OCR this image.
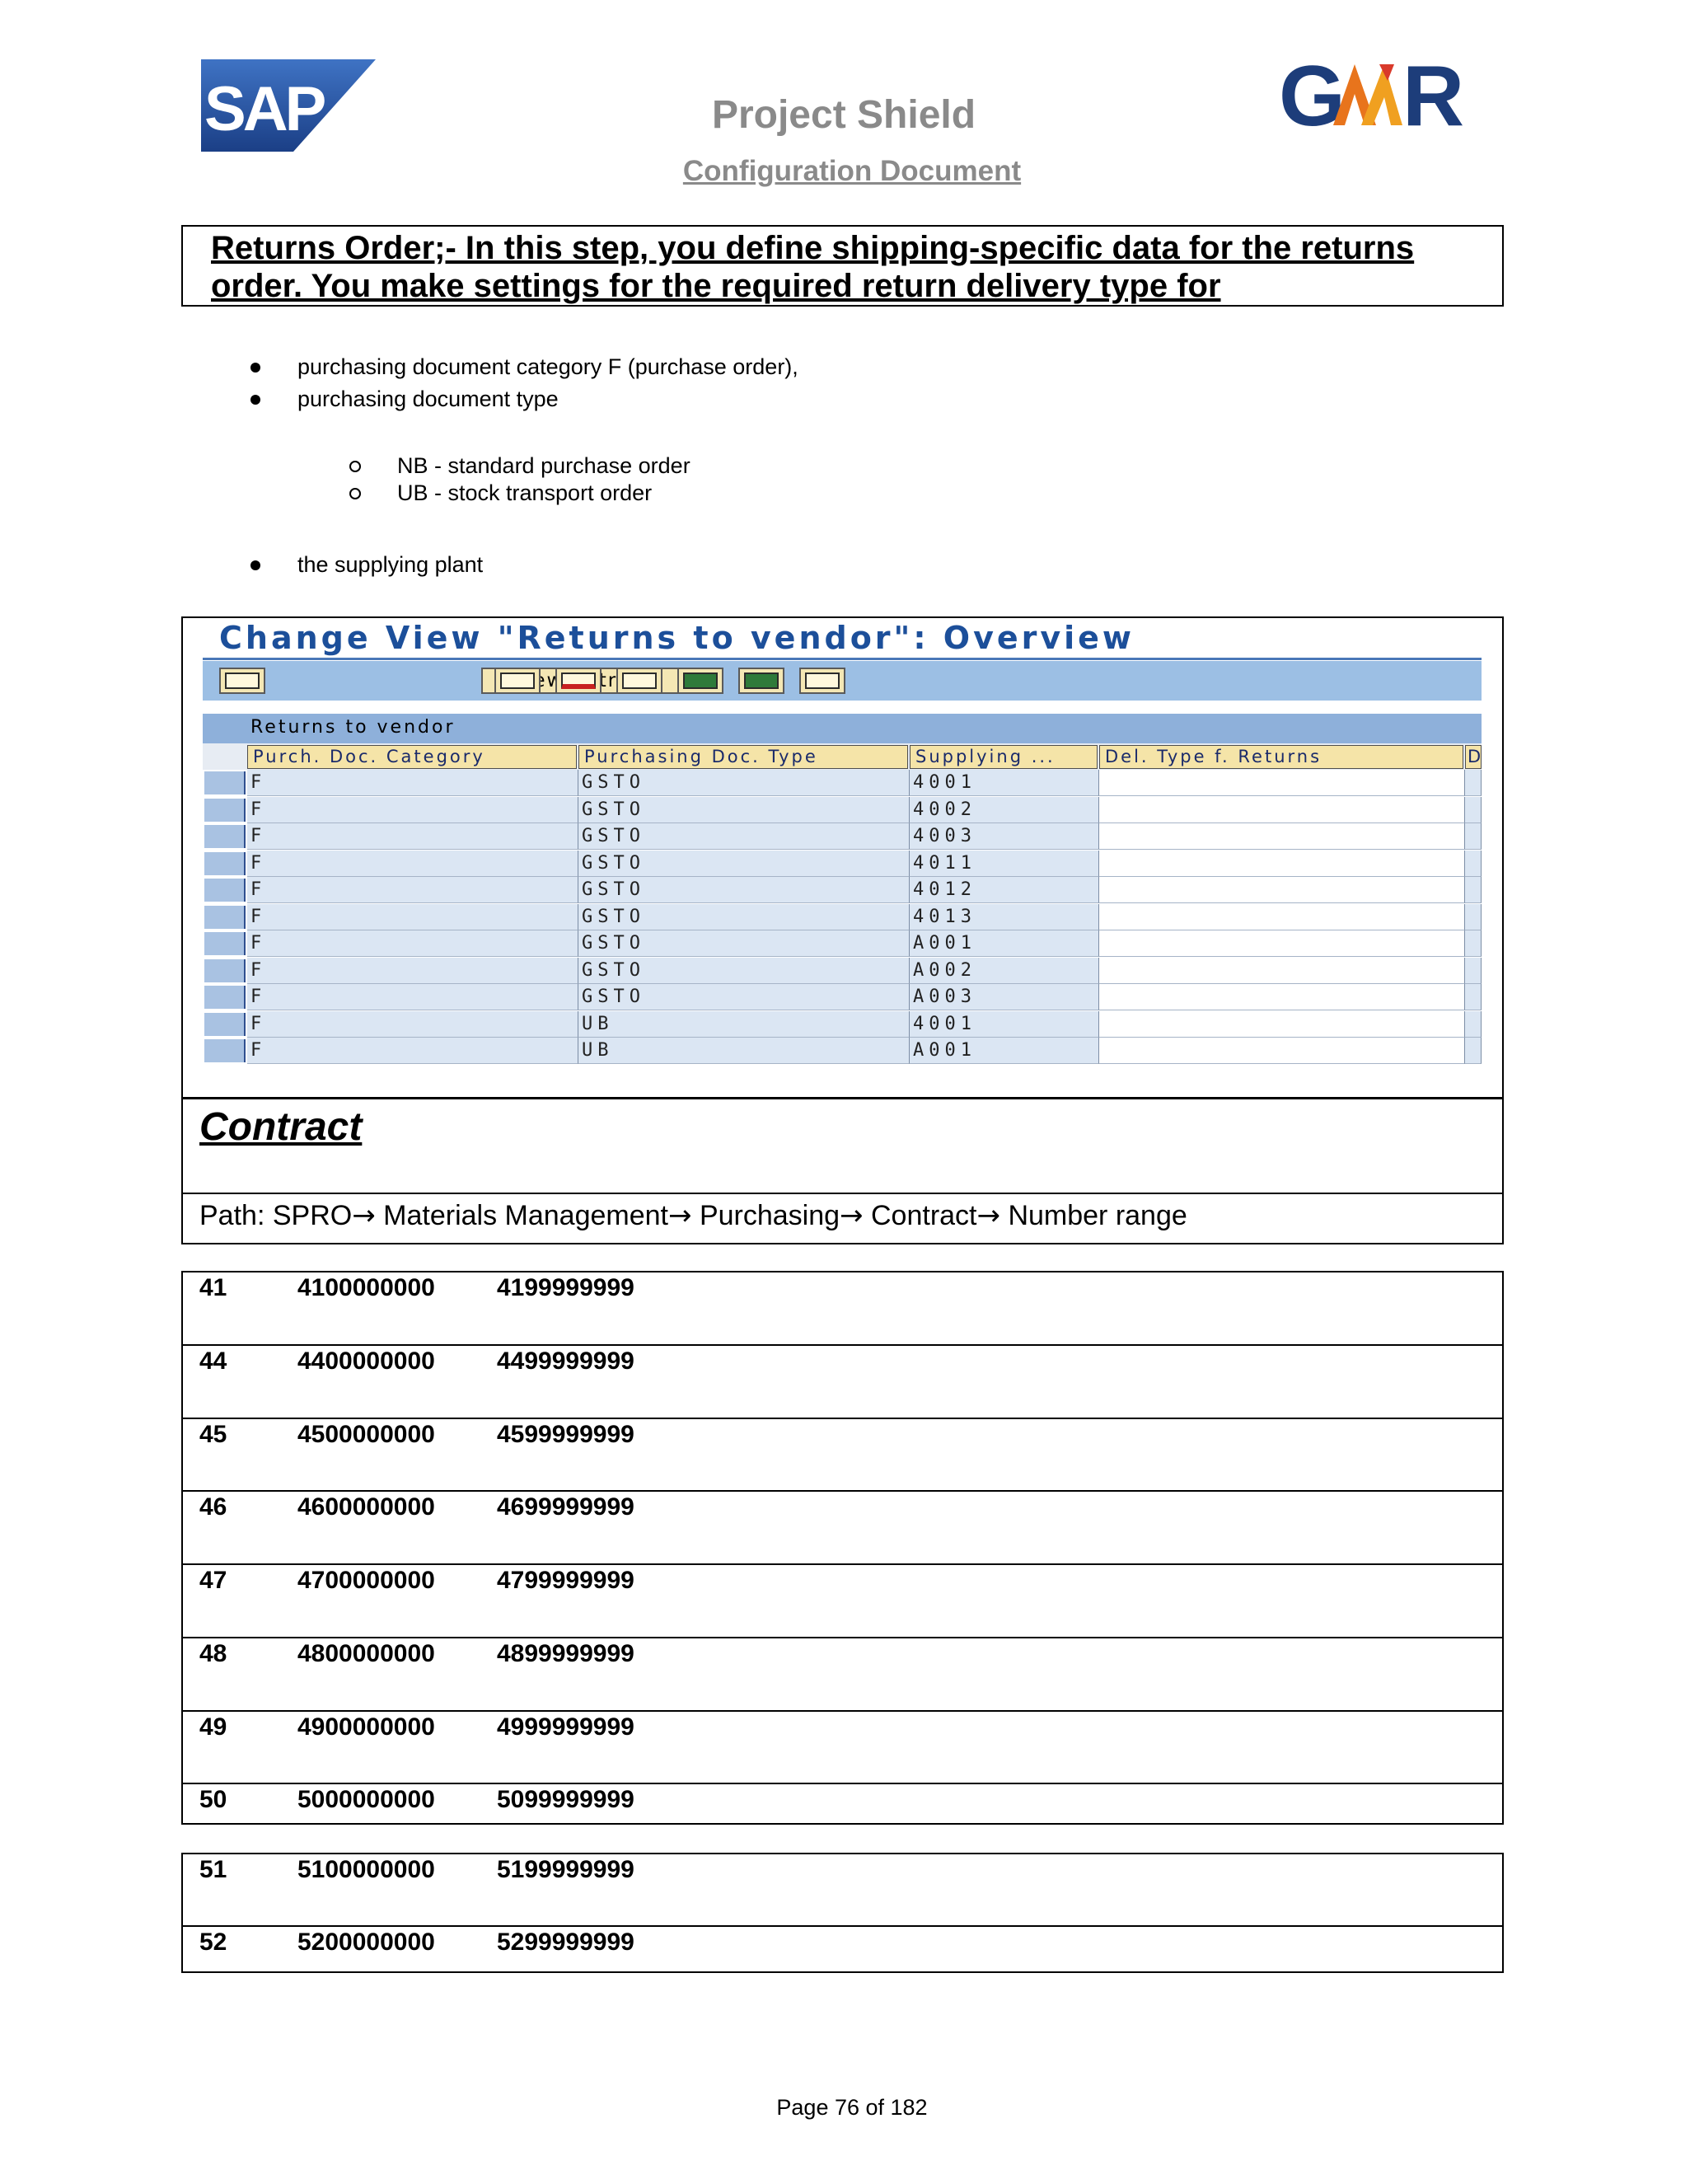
SAP	G R
Project Shield
Configuration Document
Returns Order;- In this step, you define shipping-specific data for the returns order. You make settings for the required return delivery type for
purchasing document category F (purchase order),
purchasing document type
NB - standard purchase order
UB - stock transport order
the supplying plant
Change View "Returns to vendor": Overview
New Entries
Returns to vendor
Purch. Doc. Category	Purchasing Doc. Type	Supplying ...	Del. Type f. Returns	D
F	GSTO	4001
F	GSTO	4002
F	GSTO	4003
F	GSTO	4011
F	GSTO	4012
F	GSTO	4013
F	GSTO	A001
F	GSTO	A002
F	GSTO	A003
F	UB	4001
F	UB	A001
Contract
Path: SPRO→ Materials Management→ Purchasing→ Contract→ Number range
41	4100000000	4199999999
44	4400000000	4499999999
45	4500000000	4599999999
46	4600000000	4699999999
47	4700000000	4799999999
48	4800000000	4899999999
49	4900000000	4999999999
50	5000000000	5099999999
51	5100000000	5199999999
52	5200000000	5299999999
Page 76 of 182
